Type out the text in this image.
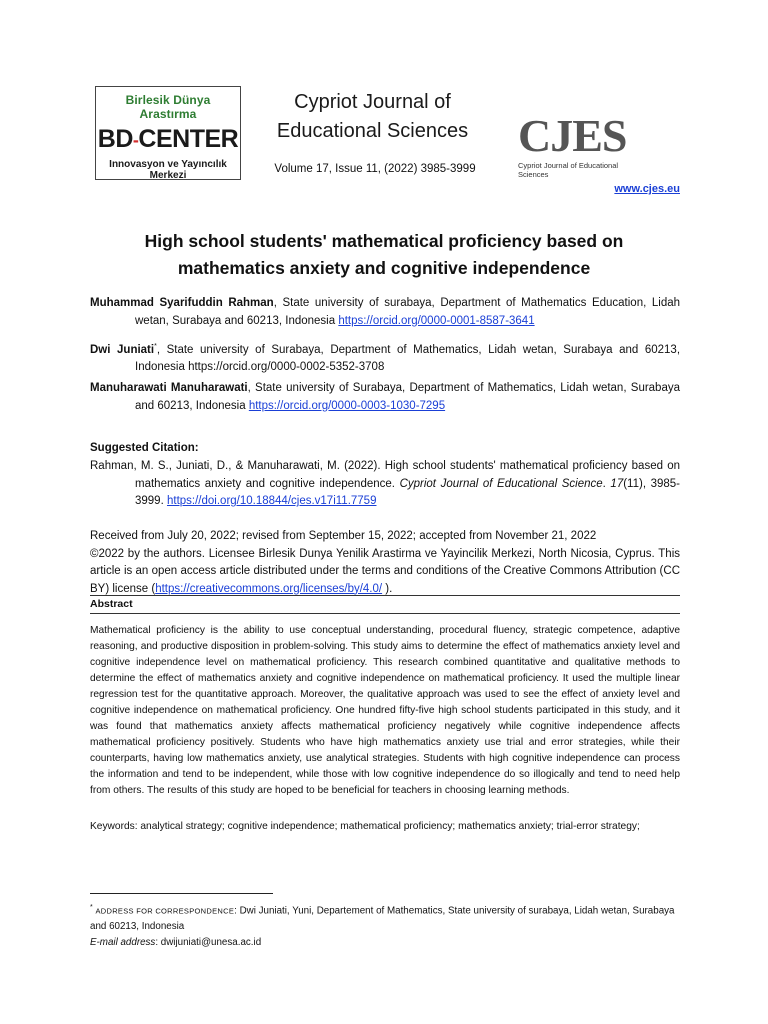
Birlesik Dünya Arastırma
BD-CENTER
Innovasyon ve Yayıncılık Merkezi
Cypriot Journal of
Educational Sciences
Volume 17, Issue 11, (2022) 3985-3999
CJES
Cypriot Journal of Educational Sciences
www.cjes.eu
High school students' mathematical proficiency based on
mathematics anxiety and cognitive independence
Muhammad Syarifuddin Rahman, State university of surabaya, Department of Mathematics Education, Lidah wetan, Surabaya and 60213, Indonesia https://orcid.org/0000-0001-8587-3641
Dwi Juniati*, State university of Surabaya, Department of Mathematics, Lidah wetan, Surabaya and 60213, Indonesia https://orcid.org/0000-0002-5352-3708
Manuharawati Manuharawati, State university of Surabaya, Department of Mathematics, Lidah wetan, Surabaya and 60213, Indonesia https://orcid.org/0000-0003-1030-7295
Suggested Citation:
Rahman, M. S., Juniati, D., & Manuharawati, M. (2022). High school students' mathematical proficiency based on mathematics anxiety and cognitive independence. Cypriot Journal of Educational Science. 17(11), 3985-3999. https://doi.org/10.18844/cjes.v17i11.7759
Received from July 20, 2022; revised from September 15, 2022; accepted from November 21, 2022
©2022 by the authors. Licensee Birlesik Dunya Yenilik Arastirma ve Yayincilik Merkezi, North Nicosia, Cyprus. This article is an open access article distributed under the terms and conditions of the Creative Commons Attribution (CC BY) license (https://creativecommons.org/licenses/by/4.0/ ).
Abstract
Mathematical proficiency is the ability to use conceptual understanding, procedural fluency, strategic competence, adaptive reasoning, and productive disposition in problem-solving. This study aims to determine the effect of mathematics anxiety level and cognitive independence level on mathematical proficiency. This research combined quantitative and qualitative methods to determine the effect of mathematics anxiety and cognitive independence on mathematical proficiency. It used the multiple linear regression test for the quantitative approach. Moreover, the qualitative approach was used to see the effect of anxiety level and cognitive independence on mathematical proficiency. One hundred fifty-five high school students participated in this study, and it was found that mathematics anxiety affects mathematical proficiency negatively while cognitive independence affects mathematical proficiency positively. Students who have high mathematics anxiety use trial and error strategies, while their counterparts, having low mathematics anxiety, use analytical strategies. Students with high cognitive independence can process the information and tend to be independent, while those with low cognitive independence do so illogically and tend to need help from others. The results of this study are hoped to be beneficial for teachers in choosing learning methods.
Keywords: analytical strategy; cognitive independence; mathematical proficiency; mathematics anxiety; trial-error strategy;
* ADDRESS FOR CORRESPONDENCE: Dwi Juniati, Yuni, Departement of Mathematics, State university of surabaya, Lidah wetan, Surabaya and 60213, Indonesia
E-mail address: dwijuniati@unesa.ac.id
